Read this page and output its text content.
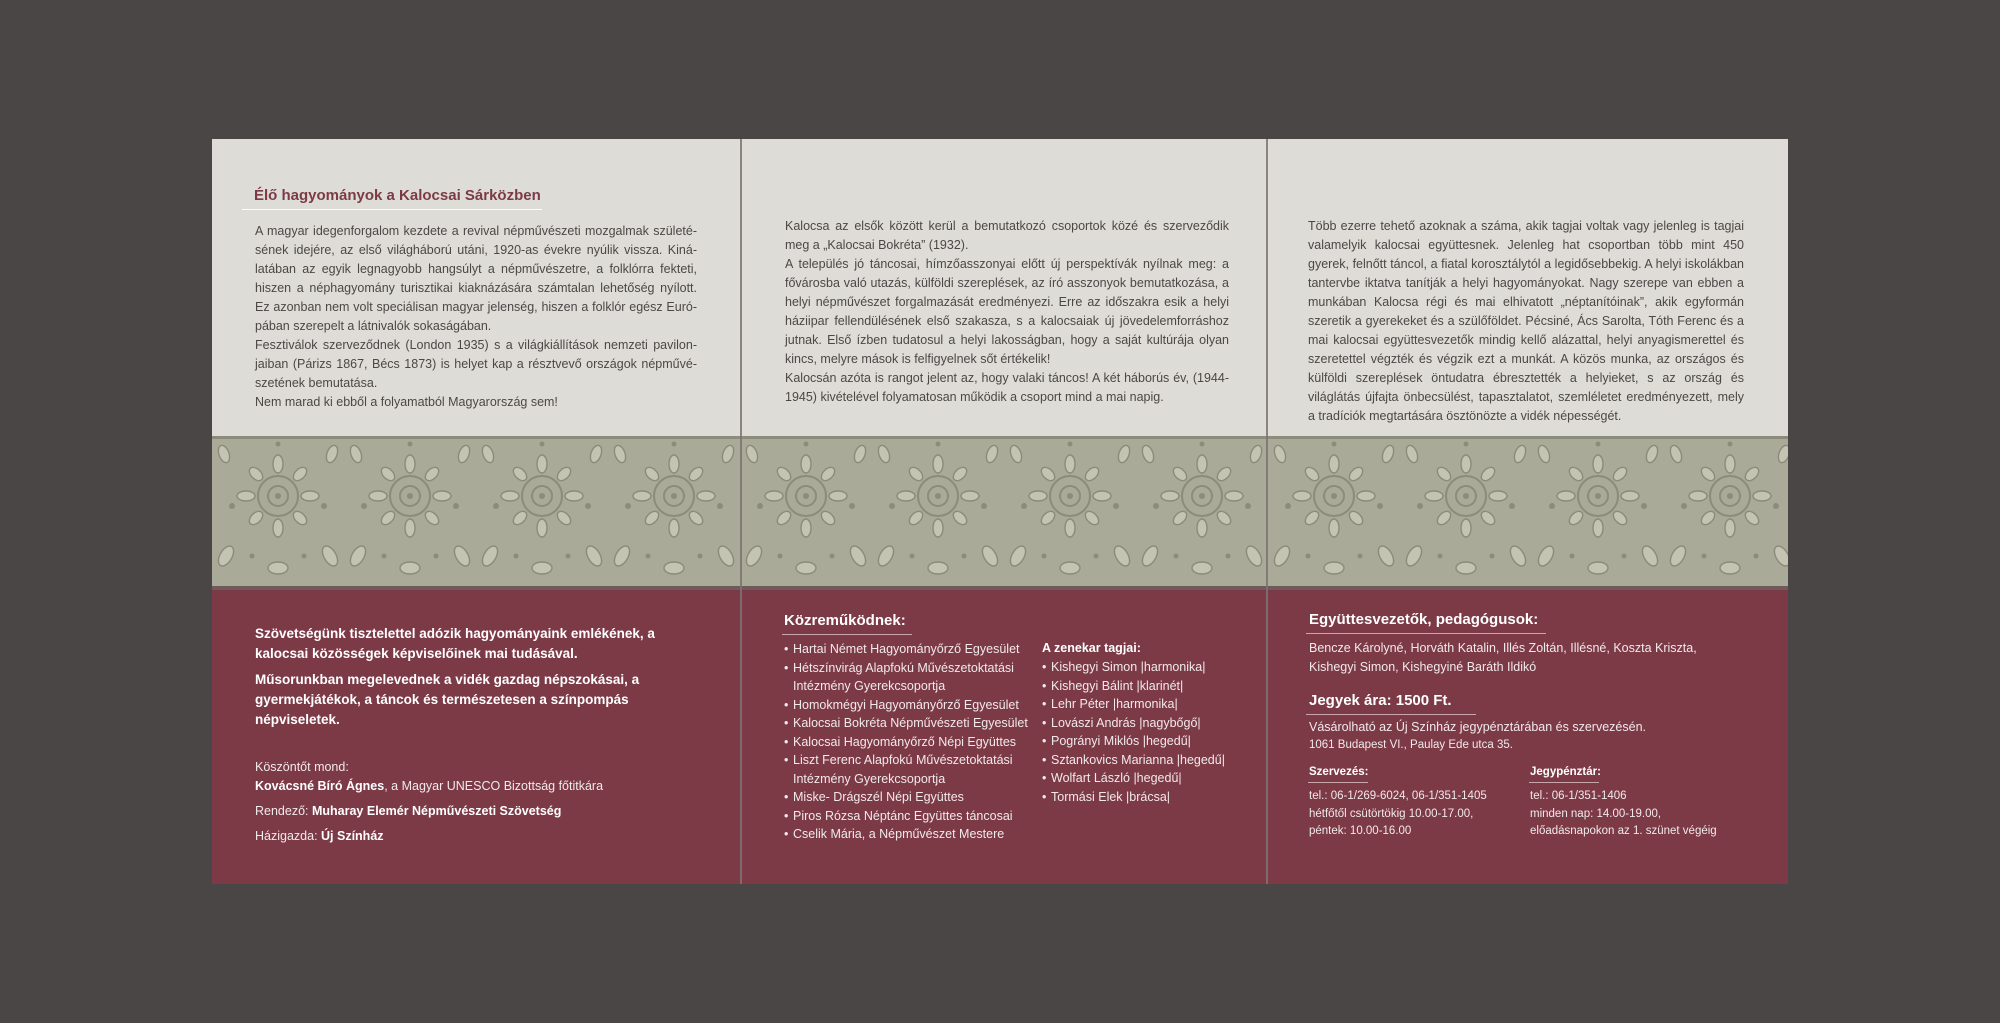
Élő hagyományok a Kalocsai Sárközben

A magyar idegenforgalom kezdete a revival népművészeti mozgalmak születésének idejére, az első világháború utáni, 1920-as évekre nyúlik vissza. Kinálatában az egyik legnagyobb hangsúlyt a népművészetre, a folklórra fekteti, hiszen a néphagyomány turisztikai kiaknázására számtalan lehetőség nyílott. Ez azonban nem volt speciálisan magyar jelenség, hiszen a folklór egész Európában szerepelt a látnivalók sokaságában.

Fesztiválok szerveződnek (London 1935) s a világkiállítások nemzeti pavilonjaiban (Párizs 1867, Bécs 1873) is helyet kap a résztvevő országok népművészetének bemutatása.

Nem marad ki ebből a folyamatból Magyarország sem!

Kalocsa az elsők között kerül a bemutatkozó csoportok közé és szerveződik meg a „Kalocsai Bokréta” (1932).

A település jó táncosai, hímzőasszonyai előtt új perspektívák nyílnak meg: a fővárosba való utazás, külföldi szereplések, az író asszonyok bemutatkozása, a helyi népművészet forgalmazását eredményezi. Erre az időszakra esik a helyi háziipar fellendülésének első szakasza, s a kalocsaiak új jövedelemforráshoz jutnak. Első ízben tudatosul a helyi lakosságban, hogy a saját kultúrája olyan kincs, melyre mások is felfigyelnek sőt értékelik!

Kalocsán azóta is rangot jelent az, hogy valaki táncos! A két háborús év, (1944-1945) kivételével folyamatosan működik a csoport mind a mai napig.

Több ezerre tehető azoknak a száma, akik tagjai voltak vagy jelenleg is tagjai valamelyik kalocsai együttesnek. Jelenleg hat csoportban több mint 450 gyerek, felnőtt táncol, a fiatal korosztálytól a legidősebbekig. A helyi iskolákban tantervbe iktatva tanítják a helyi hagyományokat. Nagy szerepe van ebben a munkában Kalocsa régi és mai elhivatott „néptanítóinak”, akik egyformán szeretik a gyerekeket és a szülőföldet. Pécsiné, Ács Sarolta, Tóth Ferenc és a mai kalocsai együttesvezetők mindig kellő alázattal, helyi anyagismerettel és szeretettel végzték és végzik ezt a munkát. A közös munka, az országos és külföldi szereplések öntudatra ébresztették a helyieket, s az ország és világlátás újfajta önbecsülést, tapasztalatot, szemléletet eredményezett, mely a tradíciók megtartására ösztönözte a vidék népességét.

Szövetségünk tisztelettel adózik hagyományaink emlékének, a kalocsai közösségek képviselőinek mai tudásával.
Műsorunkban megelevednek a vidék gazdag népszokásai, a gyermekjátékok, a táncok és természetesen a színpompás népviseletek.
Köszöntőt mond:
Kovácsné Bíró Ágnes, a Magyar UNESCO Bizottság főtitkára
Rendező: Muharay Elemér Népművészeti Szövetség
Házigazda: Új Színház
Közreműködnek:
• Hartai Német Hagyományőrző Egyesület
• Hétszínvirág Alapfokú Művészetoktatási Intézmény Gyerekcsoportja
• Homokmégyi Hagyományőrző Egyesület
• Kalocsai Bokréta Népművészeti Egyesület
• Kalocsai Hagyományőrző Népi Együttes
• Liszt Ferenc Alapfokú Művészetoktatási Intézmény Gyerekcsoportja
• Miske- Drágszél Népi Együttes
• Piros Rózsa Néptánc Együttes táncosai
• Cselik Mária, a Népművészet Mestere
A zenekar tagjai:
• Kishegyi Simon |harmonika|
• Kishegyi Bálint |klarinét|
• Lehr Péter |harmonika|
• Lovászi András |nagybőgő|
• Pogrányi Miklós |hegedű|
• Sztankovics Marianna |hegedű|
• Wolfart László |hegedű|
• Tormási Elek |brácsa|
Együttesvezetők, pedagógusok:
Bencze Károlyné, Horváth Katalin, Illés Zoltán, Illésné, Koszta Kriszta, Kishegyi Simon, Kishegyiné Baráth Ildikó
Jegyek ára: 1500 Ft.
Vásárolható az Új Színház jegypénztárában és szervezésén.
1061 Budapest VI., Paulay Ede utca 35.
Szervezés:
tel.: 06-1/269-6024, 06-1/351-1405
hétfőtől csütörtökig 10.00-17.00,
péntek: 10.00-16.00
Jegypénztár:
tel.: 06-1/351-1406
minden nap: 14.00-19.00,
előadásnapokon az 1. szünet végéig
